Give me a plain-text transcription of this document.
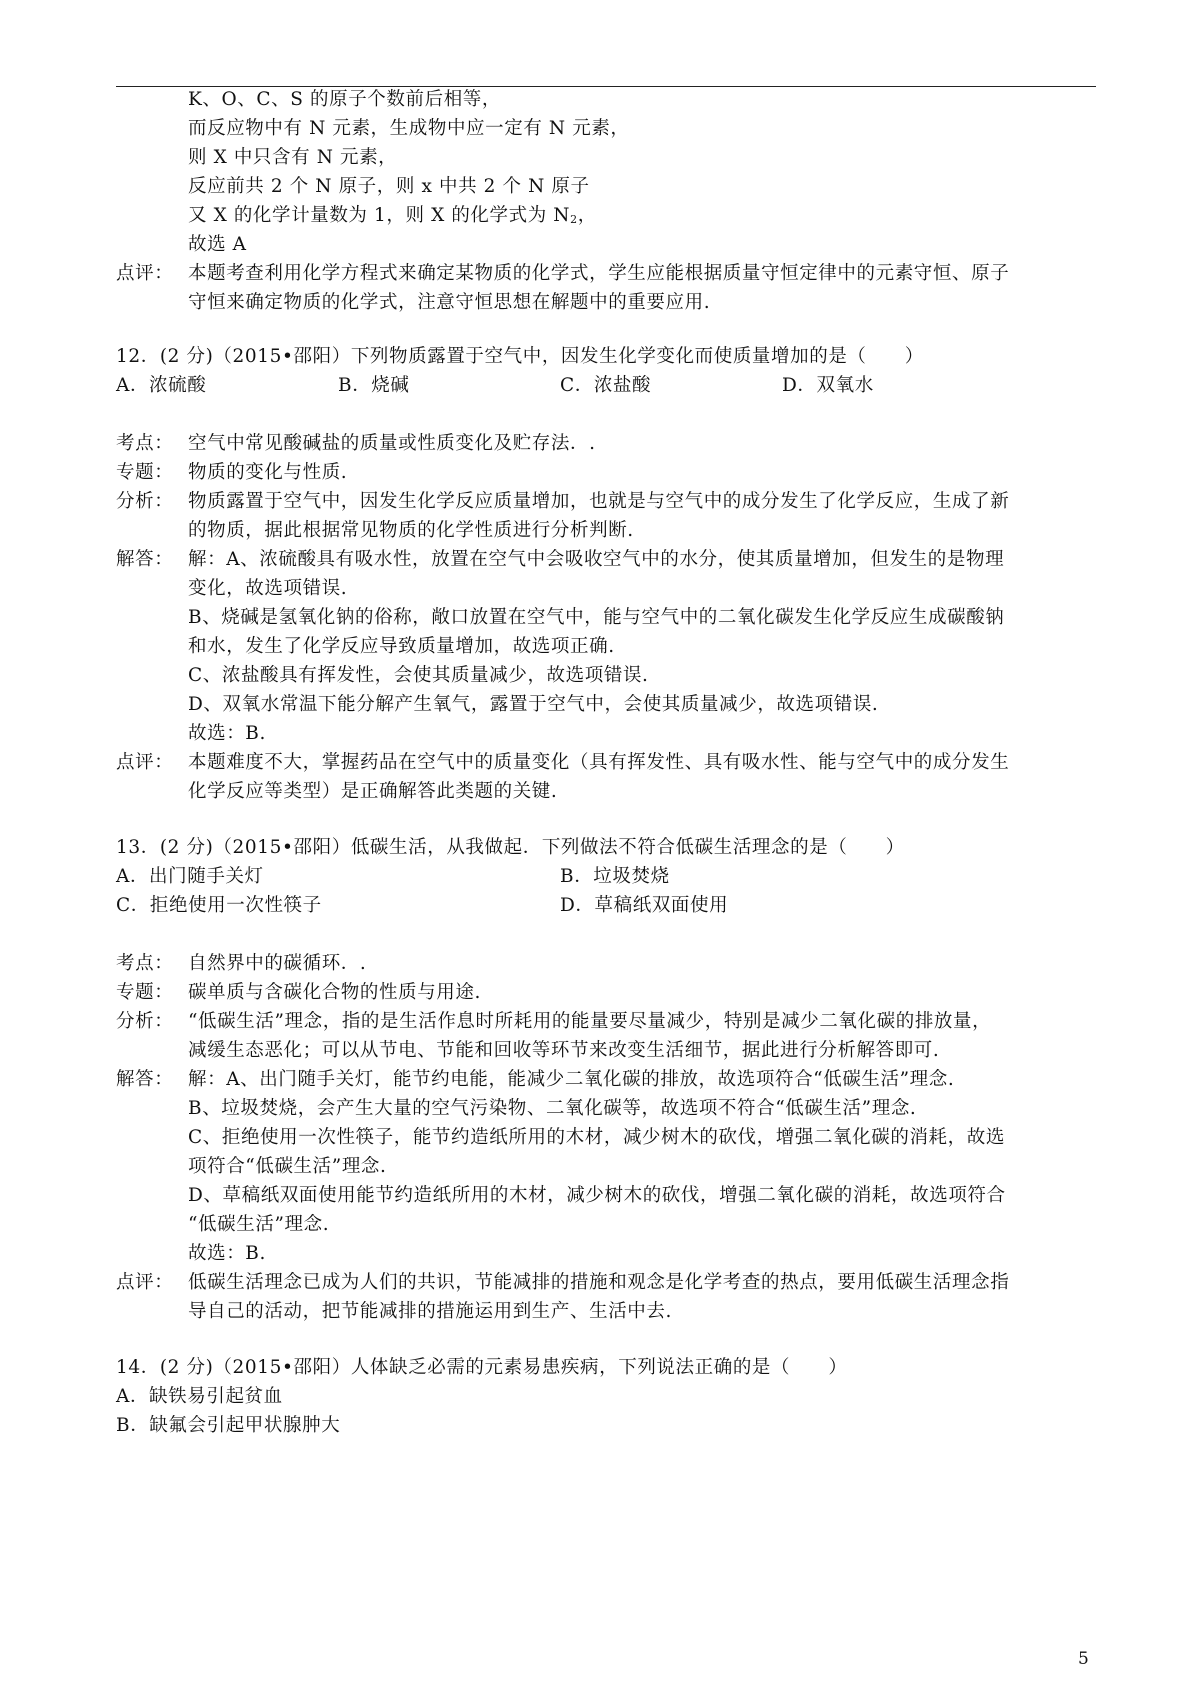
K、O、C、S 的原子个数前后相等，
而反应物中有 N 元素，生成物中应一定有 N 元素，
则 X 中只含有 N 元素，
反应前共 2 个 N 原子，则 x 中共 2 个 N 原子
又 X 的化学计量数为 1，则 X 的化学式为 $N_2$，
故选 A
点评： 本题考查利用化学方程式来确定某物质的化学式，学生应能根据质量守恒定律中的元素守恒、原子
守恒来确定物质的化学式，注意守恒思想在解题中的重要应用.
12．(2 分)（2015•邵阳）下列物质露置于空气中，因发生化学变化而使质量增加的是（　　）
A．浓硫酸	B．烧碱	C．浓盐酸	D．双氧水
考点： 空气中常见酸碱盐的质量或性质变化及贮存法．.
专题： 物质的变化与性质.
分析： 物质露置于空气中，因发生化学反应质量增加，也就是与空气中的成分发生了化学反应，生成了新
的物质，据此根据常见物质的化学性质进行分析判断.
解答： 解：A、浓硫酸具有吸水性，放置在空气中会吸收空气中的水分，使其质量增加，但发生的是物理
变化，故选项错误.
B、烧碱是氢氧化钠的俗称，敞口放置在空气中，能与空气中的二氧化碳发生化学反应生成碳酸钠
和水，发生了化学反应导致质量增加，故选项正确.
C、浓盐酸具有挥发性，会使其质量减少，故选项错误.
D、双氧水常温下能分解产生氧气，露置于空气中，会使其质量减少，故选项错误.
故选：B.
点评： 本题难度不大，掌握药品在空气中的质量变化（具有挥发性、具有吸水性、能与空气中的成分发生
化学反应等类型）是正确解答此类题的关键.
13．(2 分)（2015•邵阳）低碳生活，从我做起．下列做法不符合低碳生活理念的是（　　）
A．出门随手关灯	B．垃圾焚烧
C．拒绝使用一次性筷子	D．草稿纸双面使用
考点： 自然界中的碳循环．.
专题： 碳单质与含碳化合物的性质与用途.
分析： “低碳生活”理念，指的是生活作息时所耗用的能量要尽量减少，特别是减少二氧化碳的排放量，
减缓生态恶化；可以从节电、节能和回收等环节来改变生活细节，据此进行分析解答即可.
解答： 解：A、出门随手关灯，能节约电能，能减少二氧化碳的排放，故选项符合“低碳生活”理念.
B、垃圾焚烧，会产生大量的空气污染物、二氧化碳等，故选项不符合“低碳生活”理念.
C、拒绝使用一次性筷子，能节约造纸所用的木材，减少树木的砍伐，增强二氧化碳的消耗，故选
项符合“低碳生活”理念.
D、草稿纸双面使用能节约造纸所用的木材，减少树木的砍伐，增强二氧化碳的消耗，故选项符合
“低碳生活”理念.
故选：B.
点评： 低碳生活理念已成为人们的共识，节能减排的措施和观念是化学考查的热点，要用低碳生活理念指
导自己的活动，把节能减排的措施运用到生产、生活中去.
14．(2 分)（2015•邵阳）人体缺乏必需的元素易患疾病，下列说法正确的是（　　）
A．缺铁易引起贫血
B．缺氟会引起甲状腺肿大
5
